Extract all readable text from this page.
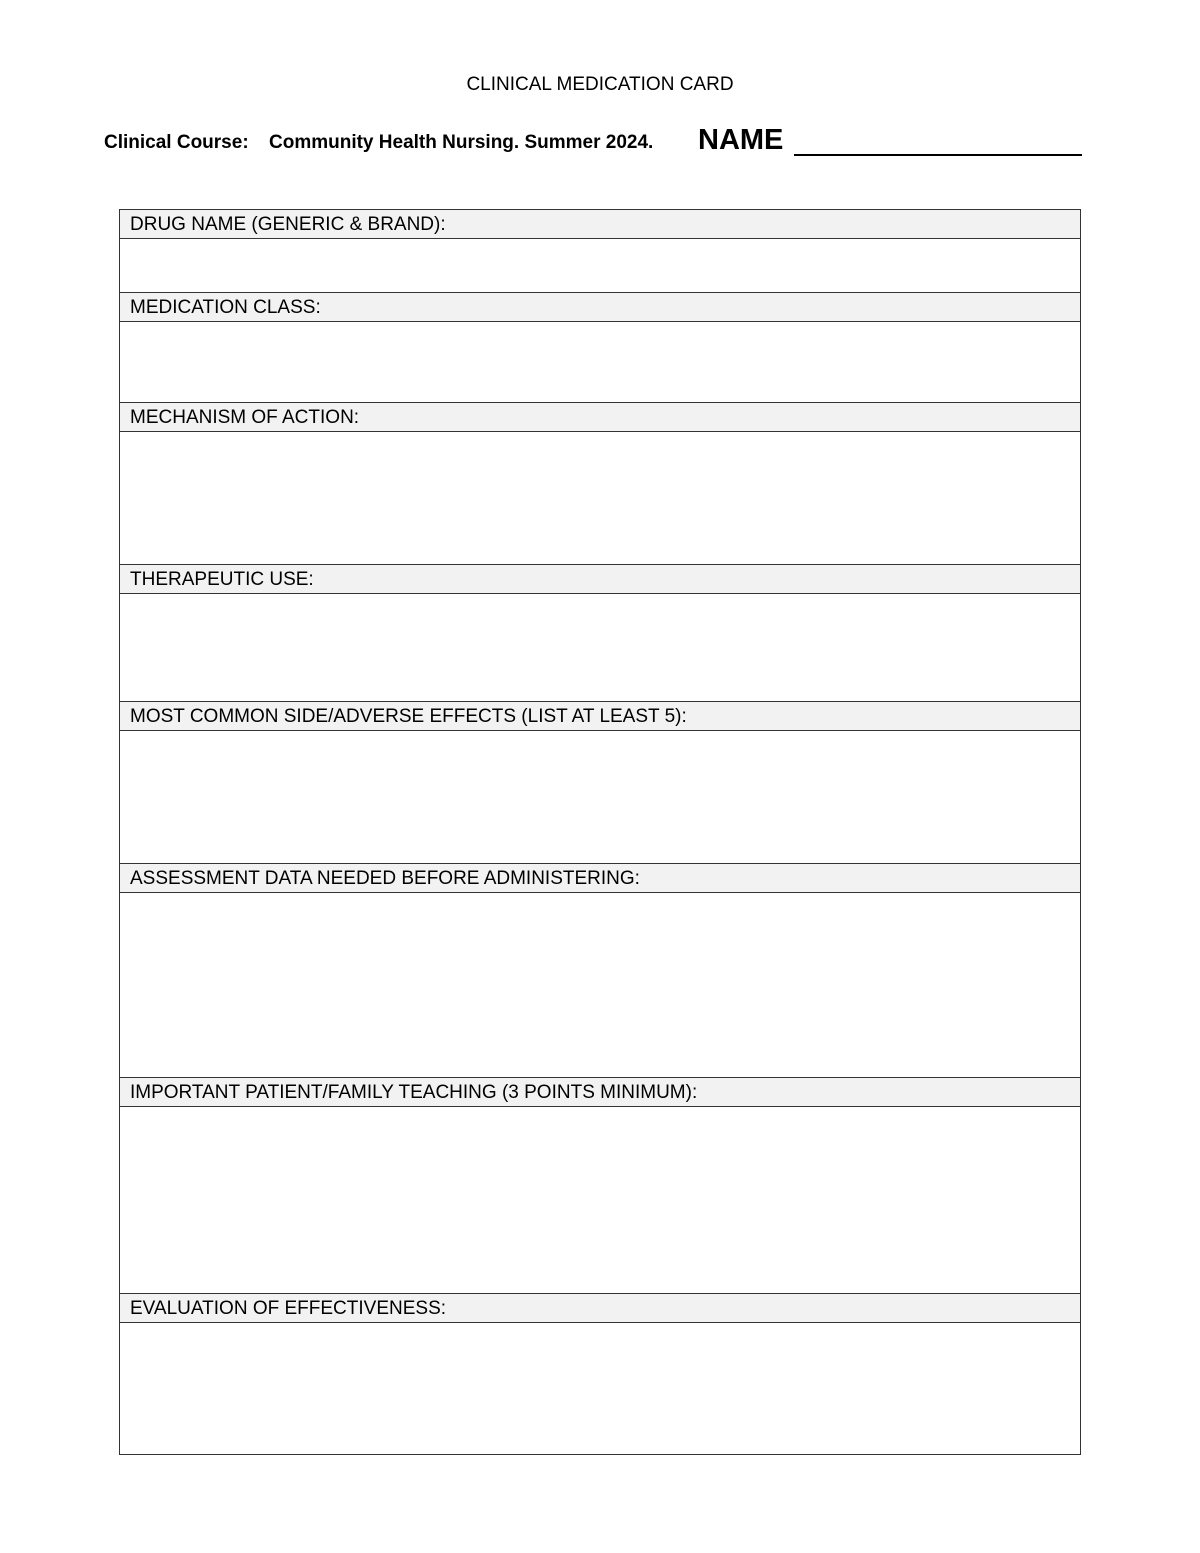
CLINICAL MEDICATION CARD
Clinical Course: Community Health Nursing. Summer 2024. NAME
DRUG NAME (GENERIC & BRAND):
MEDICATION CLASS:
MECHANISM OF ACTION:
THERAPEUTIC USE:
MOST COMMON SIDE/ADVERSE EFFECTS (LIST AT LEAST 5):
ASSESSMENT DATA NEEDED BEFORE ADMINISTERING:
IMPORTANT PATIENT/FAMILY TEACHING (3 POINTS MINIMUM):
EVALUATION OF EFFECTIVENESS:
